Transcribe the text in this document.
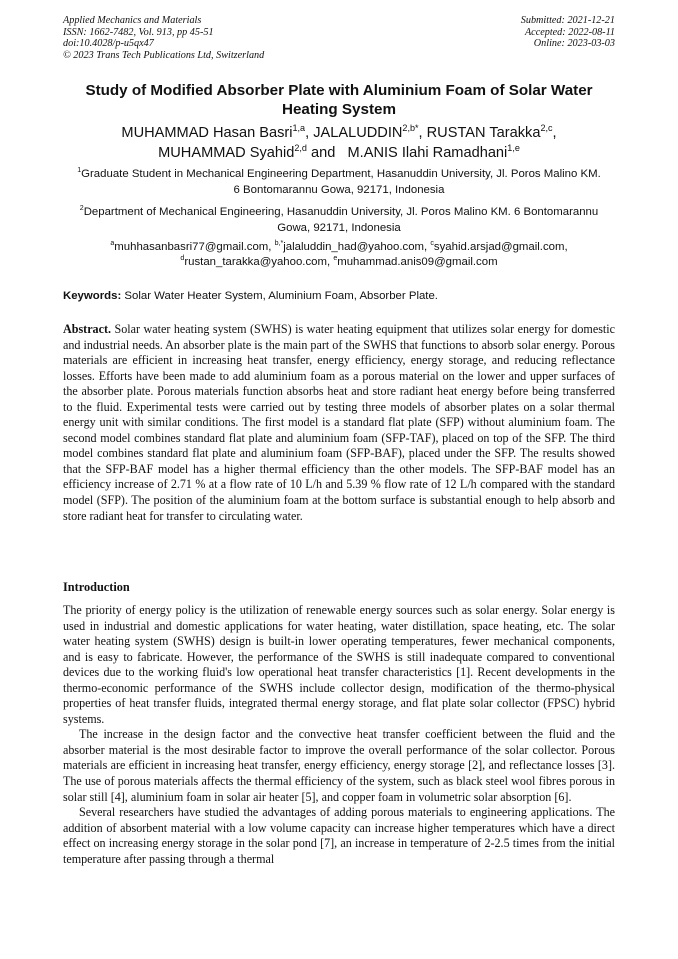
Applied Mechanics and Materials
ISSN: 1662-7482, Vol. 913, pp 45-51
doi:10.4028/p-u5qx47
© 2023 Trans Tech Publications Ltd, Switzerland
Submitted: 2021-12-21
Accepted: 2022-08-11
Online: 2023-03-03
Study of Modified Absorber Plate with Aluminium Foam of Solar Water Heating System
MUHAMMAD Hasan Basri$^{1,a}$, $JALALUDDIN^{2,b*}$, RUSTAN Tarakka$^{2,c}$,
MUHAMMAD Syahid$^{2,d}$ and   M.ANIS Ilahi Ramadhani$^{1,e}$
$^1$Graduate Student in Mechanical Engineering Department, Hasanuddin University, Jl. Poros Malino KM. 6 Bontomarannu Gowa, 92171, Indonesia
$^2$Department of Mechanical Engineering, Hasanuddin University, Jl. Poros Malino KM. 6 Bontomarannu Gowa, 92171, Indonesia
$^a$muhhasanbasri77@gmail.com, $^{b,*}$jalaluddin_had@yahoo.com, $^c$syahid.arsjad@gmail.com,
$^d$rustan_tarakka@yahoo.com, $^e$muhammad.anis09@gmail.com
Keywords: Solar Water Heater System, Aluminium Foam, Absorber Plate.
Abstract. Solar water heating system (SWHS) is water heating equipment that utilizes solar energy for domestic and industrial needs. An absorber plate is the main part of the SWHS that functions to absorb solar energy. Porous materials are efficient in increasing heat transfer, energy efficiency, energy storage, and reducing reflectance losses. Efforts have been made to add aluminium foam as a porous material on the lower and upper surfaces of the absorber plate. Porous materials function absorbs heat and store radiant heat energy before being transferred to the fluid. Experimental tests were carried out by testing three models of absorber plates on a solar thermal energy unit with similar conditions. The first model is a standard flat plate (SFP) without aluminium foam. The second model combines standard flat plate and aluminium foam (SFP-TAF), placed on top of the SFP. The third model combines standard flat plate and aluminium foam (SFP-BAF), placed under the SFP. The results showed that the SFP-BAF model has a higher thermal efficiency than the other models. The SFP-BAF model has an efficiency increase of 2.71 % at a flow rate of 10 L/h and 5.39 % flow rate of 12 L/h compared with the standard model (SFP). The position of the aluminium foam at the bottom surface is substantial enough to help absorb and store radiant heat for transfer to circulating water.
Introduction

The priority of energy policy is the utilization of renewable energy sources such as solar energy. Solar energy is used in industrial and domestic applications for water heating, water distillation, space heating, etc. The solar water heating system (SWHS) design is built-in lower operating temperatures, fewer mechanical components, and is easy to fabricate. However, the performance of the SWHS is still inadequate compared to conventional devices due to the working fluid's low operational heat transfer characteristics [1]. Recent developments in the thermo-economic performance of the SWHS include collector design, modification of the thermo-physical properties of heat transfer fluids, integrated thermal energy storage, and flat plate solar collector (FPSC) hybrid systems.

The increase in the design factor and the convective heat transfer coefficient between the fluid and the absorber material is the most desirable factor to improve the overall performance of the solar collector. Porous materials are efficient in increasing heat transfer, energy efficiency, energy storage [2], and reflectance losses [3]. The use of porous materials affects the thermal efficiency of the system, such as black steel wool fibres porous in solar still [4], aluminium foam in solar air heater [5], and copper foam in volumetric solar absorption [6].

Several researchers have studied the advantages of adding porous materials to engineering applications. The addition of absorbent material with a low volume capacity can increase higher temperatures which have a direct effect on increasing energy storage in the solar pond [7], an increase in temperature of 2-2.5 times from the initial temperature after passing through a thermal
